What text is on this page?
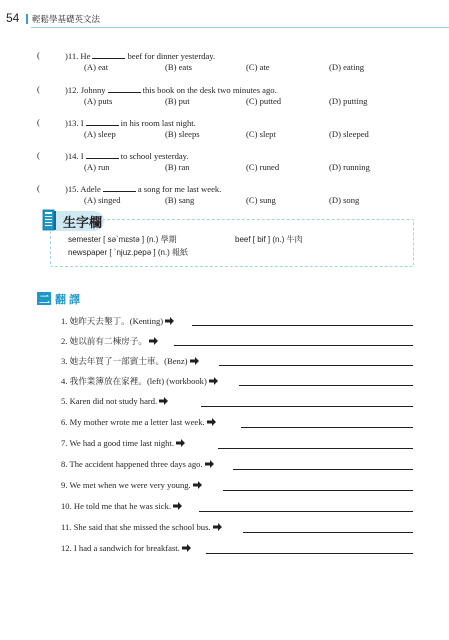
54 輕鬆學基礎英文法
(	)11. He	beef for dinner yesterday.
(A) eat	(B) eats	(C) ate	(D) eating
(	)12. Johnny	this book on the desk two minutes ago.
(A) puts	(B) put	(C) putted	(D) putting
(	)13. I	in his room last night.
(A) sleep	(B) sleeps	(C) slept	(D) sleeped
(	)14. I	to school yesterday.
(A) run	(B) ran	(C) runed	(D) running
(	)15. Adele	a song for me last week.
(A) singed	(B) sang	(C) sung	(D) song
生字欄
semester [ sə`mɛstə ] (n.) 學期	beef [ bif ] (n.) 牛肉
newspaper [ `njuz.pepə ] (n.) 報紙
二 翻譯
1. 她昨天去墾丁。(Kenting)
2. 她以前有二棟房子。
3. 她去年買了一部賓士車。(Benz)
4. 我作業簿放在家裡。(left) (workbook)
5. Karen did not study hard.
6. My mother wrote me a letter last week.
7. We had a good time last night.
8. The accident happened three days ago.
9. We met when we were very young.
10. He told me that he was sick.
11. She said that she missed the school bus.
12. I had a sandwich for breakfast.
